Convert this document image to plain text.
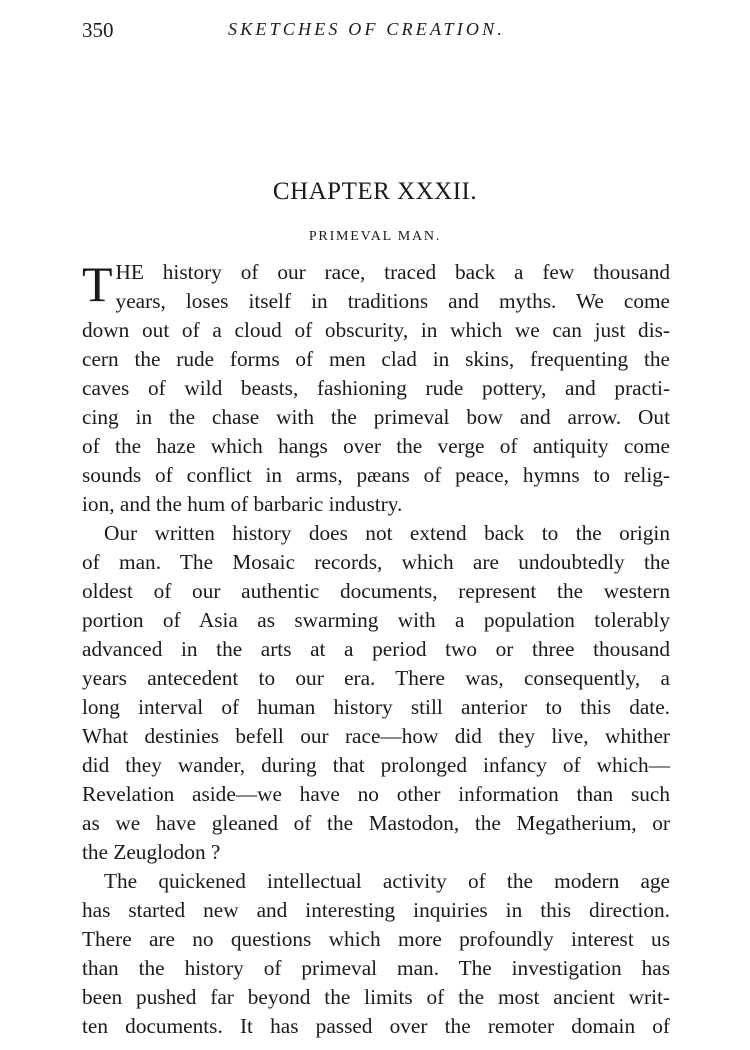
350	SKETCHES OF CREATION.
CHAPTER XXXII.
PRIMEVAL MAN.
T HE history of our race, traced back a few thousand
years, loses itself in traditions and myths. We come
down out of a cloud of obscurity, in which we can just dis-
cern the rude forms of men clad in skins, frequenting the
caves of wild beasts, fashioning rude pottery, and practi-
cing in the chase with the primeval bow and arrow. Out
of the haze which hangs over the verge of antiquity come
sounds of conflict in arms, pæans of peace, hymns to relig-
ion, and the hum of barbaric industry.
Our written history does not extend back to the origin
of man. The Mosaic records, which are undoubtedly the
oldest of our authentic documents, represent the western
portion of Asia as swarming with a population tolerably
advanced in the arts at a period two or three thousand
years antecedent to our era. There was, consequently, a
long interval of human history still anterior to this date.
What destinies befell our race—how did they live, whither
did they wander, during that prolonged infancy of which—
Revelation aside—we have no other information than such
as we have gleaned of the Mastodon, the Megatherium, or
the Zeuglodon ?
The quickened intellectual activity of the modern age
has started new and interesting inquiries in this direction.
There are no questions which more profoundly interest us
than the history of primeval man. The investigation has
been pushed far beyond the limits of the most ancient writ-
ten documents. It has passed over the remoter domain of
